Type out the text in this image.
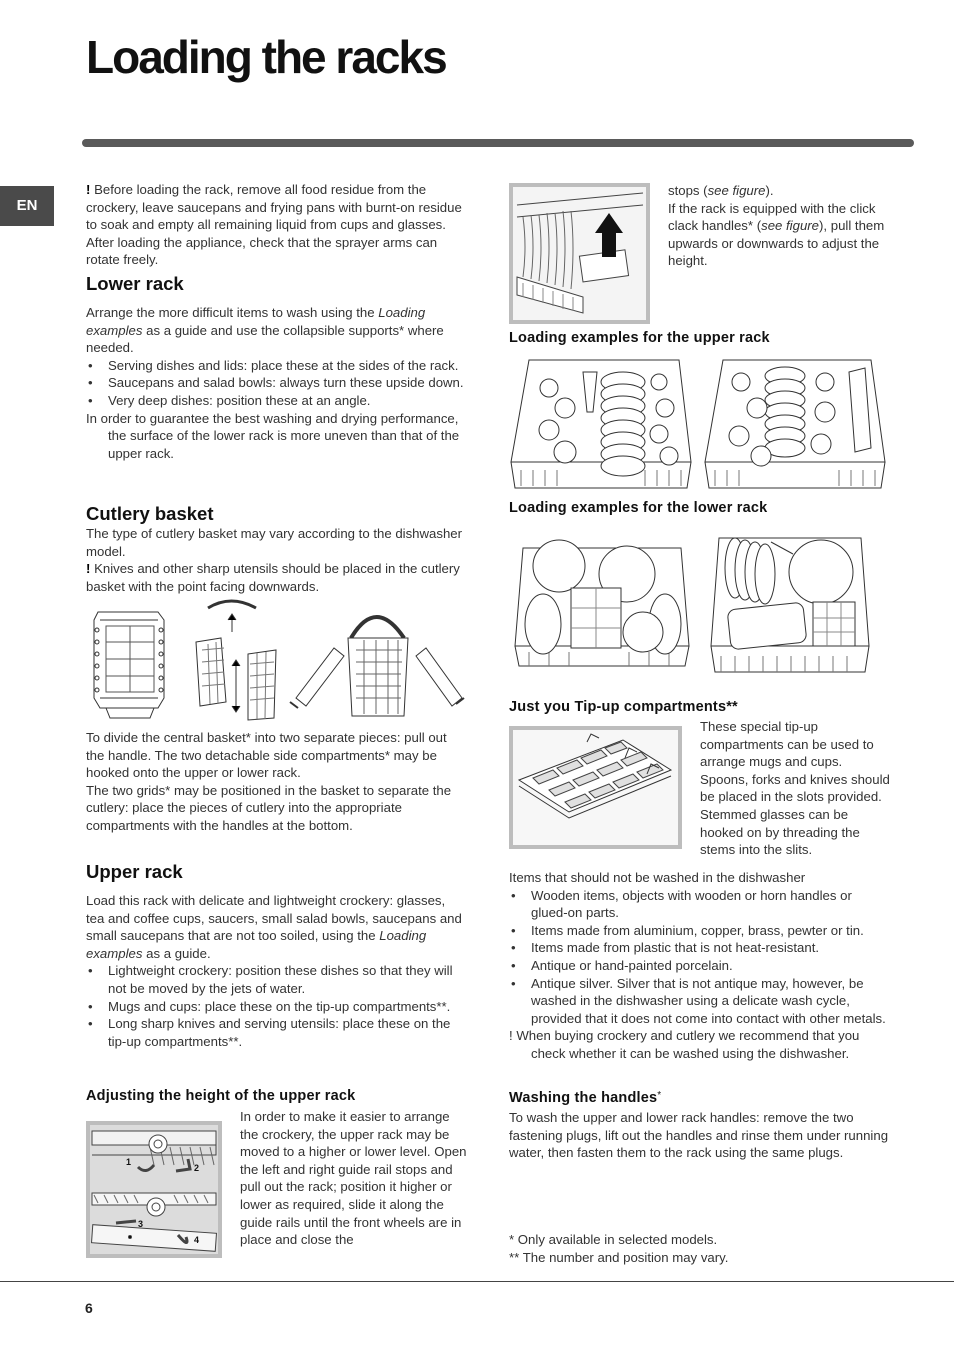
Loading the racks
EN

! Before loading the rack, remove all food residue from the crockery, leave saucepans and frying pans with burnt-on residue to soak and empty all remaining liquid from cups and glasses. After loading the appliance, check that the sprayer arms can rotate freely.

Lower rack

Arrange the more difficult items to wash using the Loading examples as a guide and use the collapsible supports* where needed.

• Serving dishes and lids: place these at the sides of the rack.

• Saucepans and salad bowls: always turn these upside down.

• Very deep dishes: position these at an angle.

In order to guarantee the best washing and drying performance, the surface of the lower rack is more uneven than that of the upper rack.

Cutlery basket

The type of cutlery basket may vary according to the dishwasher model.

! Knives and other sharp utensils should be placed in the cutlery basket with the point facing downwards.

To divide the central basket* into two separate pieces: pull out the handle. The two detachable side compartments* may be hooked onto the upper or lower rack.

The two grids* may be positioned in the basket to separate the cutlery: place the pieces of cutlery into the appropriate compartments with the handles at the bottom.

Upper rack

Load this rack with delicate and lightweight crockery: glasses, tea and coffee cups, saucers, small salad bowls, saucepans and small saucepans that are not too soiled, using the Loading examples as a guide.

• Lightweight crockery: position these dishes so that they will not be moved by the jets of water.

• Mugs and cups: place these on the tip-up compartments**.

• Long sharp knives and serving utensils: place these on the tip-up compartments**.

Adjusting the height of the upper rack

1
2
3
4

In order to make it easier to arrange the crockery, the upper rack may be moved to a higher or lower level. Open the left and right guide rail stops and pull out the rack; position it higher or lower as required, slide it along the guide rails until the front wheels are in place and close the

stops (see figure).

If the rack is equipped with the click clack handles* (see figure), pull them upwards or downwards to adjust the height.

Loading examples for the upper rack

Loading examples for the lower rack

Just you Tip-up compartments**

These special tip-up compartments can be used to arrange mugs and cups. Spoons, forks and knives should be placed in the slots provided. Stemmed glasses can be hooked on by threading the stems into the slits.

Items that should not be washed in the dishwasher

• Wooden items, objects with wooden or horn handles or glued-on parts.

• Items made from aluminium, copper, brass, pewter or tin.

• Items made from plastic that is not heat-resistant.

• Antique or hand-painted porcelain.

• Antique silver. Silver that is not antique may, however, be washed in the dishwasher using a delicate wash cycle, provided that it does not come into contact with other metals.

! When buying crockery and cutlery we recommend that you check whether it can be washed using the dishwasher.

Washing the handles*

To wash the upper and lower rack handles: remove the two fastening plugs, lift out the handles and rinse them under running water, then fasten them to the rack using the same plugs.

* Only available in selected models.

** The number and position may vary.

6
